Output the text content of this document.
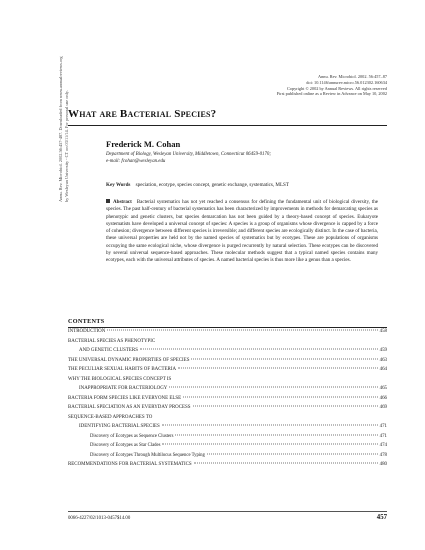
Annu. Rev. Microbiol. 2002. 56:457–87
doi: 10.1146/annurev.micro.56.012302.160634
Copyright © 2002 by Annual Reviews. All rights reserved
First published online as a Review in Advance on May 10, 2002
Annu. Rev. Microbiol. 2002.56:457-487. Downloaded from www.annualreviews.org by Wesleyan University - CT on 03/11/14. For personal use only. What are Bacterial Species?
Frederick M. Cohan
Department of Biology, Wesleyan University, Middletown, Connecticut 06459-0170;
e-mail: fcohan@wesleyan.edu
Key Words speciation, ecotype, species concept, genetic exchange, systematics, MLST
Abstract Bacterial systematics has not yet reached a consensus for defining the fundamental unit of biological diversity, the species. The past half-century of bacterial systematics has been characterized by improvements in methods for demarcating species as phenotypic and genetic clusters, but species demarcation has not been guided by a theory-based concept of species. Eukaryote systematists have developed a universal concept of species: A species is a group of organisms whose divergence is capped by a force of cohesion; divergence between different species is irreversible; and different species are ecologically distinct. In the case of bacteria, these universal properties are held not by the named species of systematics but by ecotypes. These are populations of organisms occupying the same ecological niche, whose divergence is purged recurrently by natural selection. These ecotypes can be discovered by several universal sequence-based approaches. These molecular methods suggest that a typical named species contains many ecotypes, each with the universal attributes of species. A named bacterial species is thus more like a genus than a species.
CONTENTS
INTRODUCTION	458
BACTERIAL SPECIES AS PHENOTYPIC
AND GENETIC CLUSTERS	459
THE UNIVERSAL DYNAMIC PROPERTIES OF SPECIES	463
THE PECULIAR SEXUAL HABITS OF BACTERIA	464
WHY THE BIOLOGICAL SPECIES CONCEPT IS
INAPPROPRIATE FOR BACTERIOLOGY	465
BACTERIA FORM SPECIES LIKE EVERYONE ELSE	466
BACTERIAL SPECIATION AS AN EVERYDAY PROCESS	469
SEQUENCE-BASED APPROACHES TO
IDENTIFYING BACTERIAL SPECIES	471
Discovery of Ecotypes as Sequence Clusters	471
Discovery of Ecotypes as Star Clades	474
Discovery of Ecotypes Through Multilocus Sequence Typing	478
RECOMMENDATIONS FOR BACTERIAL SYSTEMATICS	480
0066-4227/02/1013-0457$14.00	457
